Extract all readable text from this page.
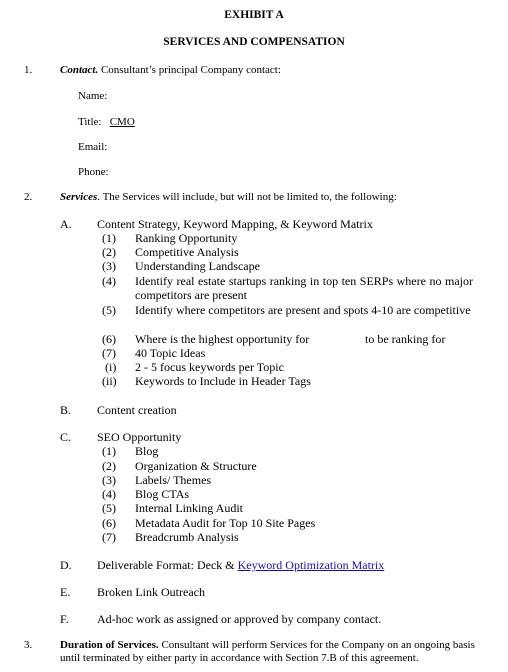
EXHIBIT A
SERVICES AND COMPENSATION
1.	Contact. Consultant’s principal Company contact:
Name:
Title: CMO
Email:
Phone:
2.	Services. The Services will include, but will not be limited to, the following:
A. Content Strategy, Keyword Mapping, & Keyword Matrix
(1) Ranking Opportunity
(2) Competitive Analysis
(3) Understanding Landscape
(4) Identify real estate startups ranking in top ten SERPs where no major competitors are present
(5) Identify where competitors are present and spots 4-10 are competitive
(6) Where is the highest opportunity for	to be ranking for
(7) 40 Topic Ideas
(i) 2 - 5 focus keywords per Topic
(ii) Keywords to Include in Header Tags
B. Content creation
C. SEO Opportunity
(1) Blog
(2) Organization & Structure
(3) Labels/ Themes
(4) Blog CTAs
(5) Internal Linking Audit
(6) Metadata Audit for Top 10 Site Pages
(7) Breadcrumb Analysis
D. Deliverable Format: Deck & Keyword Optimization Matrix
E. Broken Link Outreach
F. Ad-hoc work as assigned or approved by company contact.
3.	Duration of Services. Consultant will perform Services for the Company on an ongoing basis until terminated by either party in accordance with Section 7.B of this agreement.
